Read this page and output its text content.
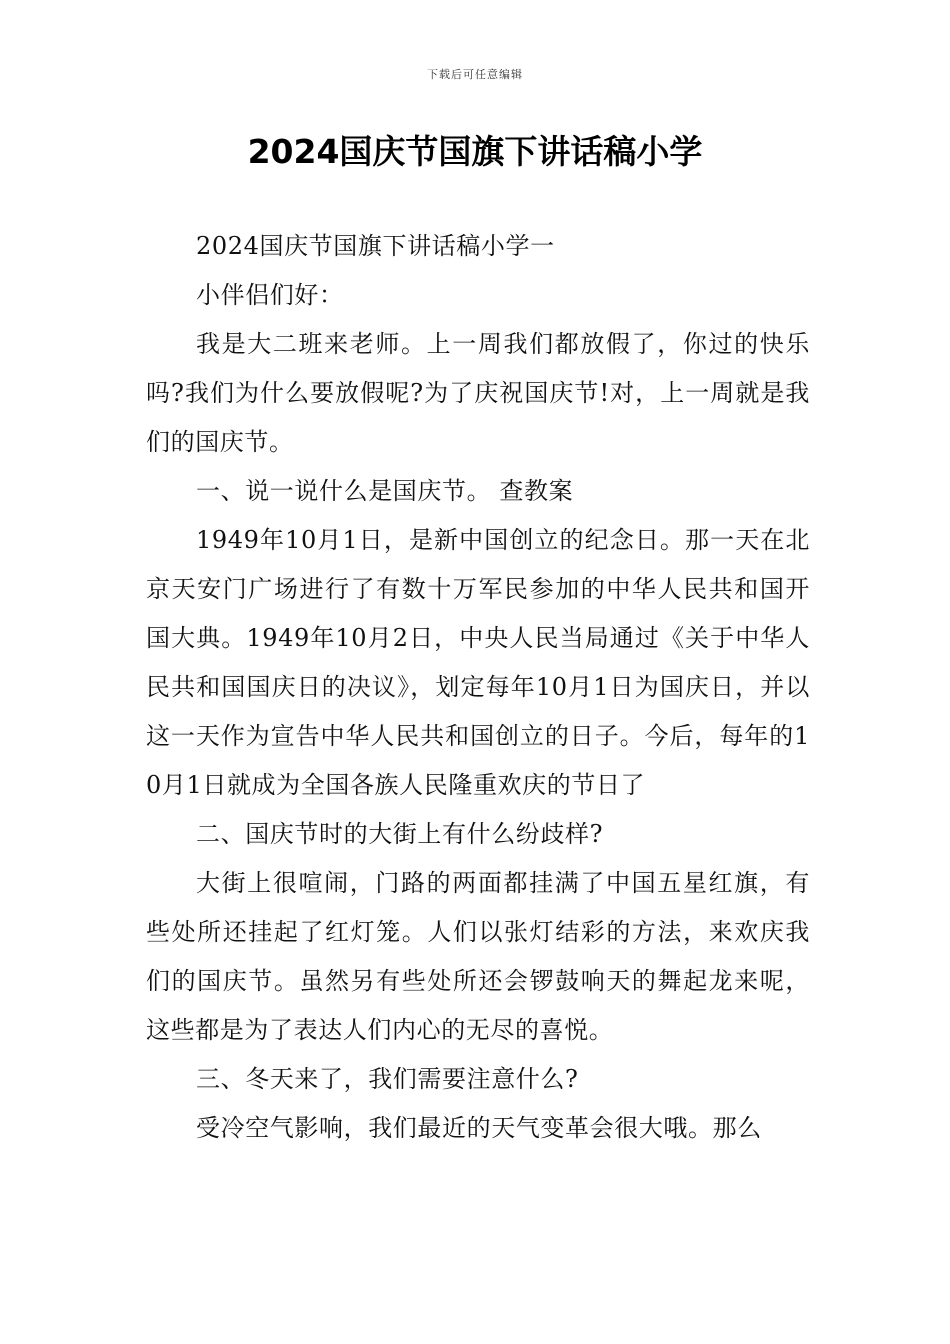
下载后可任意编辑
2024国庆节国旗下讲话稿小学

2024国庆节国旗下讲话稿小学一

小伴侣们好：

我是大二班来老师。上一周我们都放假了，你过的快乐吗?我们为什么要放假呢?为了庆祝国庆节!对，上一周就是我们的国庆节。

一、说一说什么是国庆节。 查教案

1949年10月1日，是新中国创立的纪念日。那一天在北京天安门广场进行了有数十万军民参加的中华人民共和国开国大典。1949年10月2日，中央人民当局通过《关于中华人民共和国国庆日的决议》，划定每年10月1日为国庆日，并以这一天作为宣告中华人民共和国创立的日子。今后，每年的10月1日就成为全国各族人民隆重欢庆的节日了

二、国庆节时的大街上有什么纷歧样?

大街上很喧闹，门路的两面都挂满了中国五星红旗，有些处所还挂起了红灯笼。人们以张灯结彩的方法，来欢庆我们的国庆节。虽然另有些处所还会锣鼓响天的舞起龙来呢，这些都是为了表达人们内心的无尽的喜悦。

三、冬天来了，我们需要注意什么?

受冷空气影响，我们最近的天气变革会很大哦。那么
